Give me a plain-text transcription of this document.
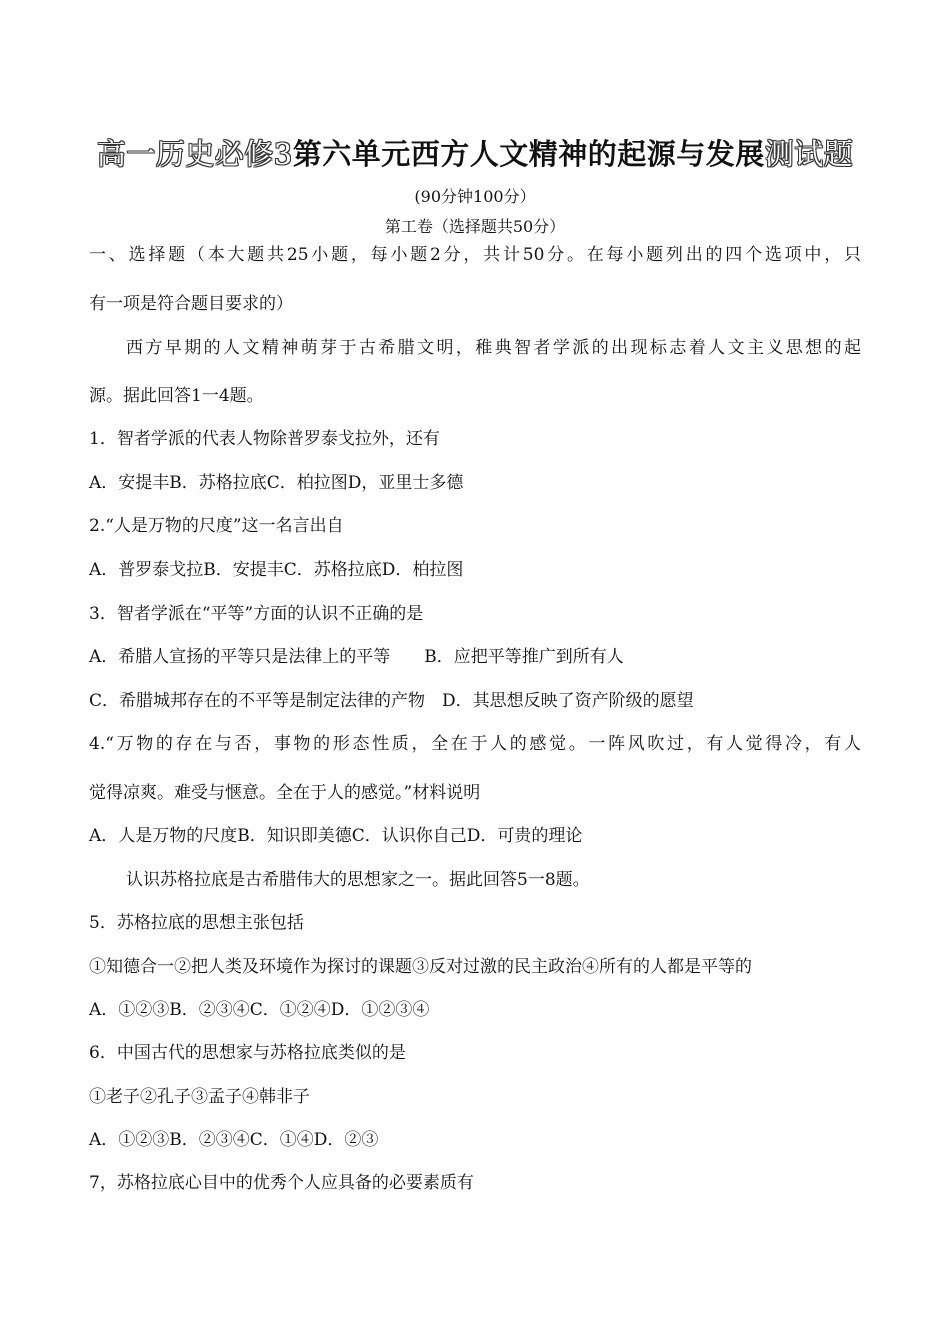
高一历史必修3第六单元西方人文精神的起源与发展测试题
(90分钟100分）
第工卷（选择题共50分）
一、选择题（本大题共25小题，每小题2分，共计50分。在每小题列出的四个选项中，只
有一项是符合题目要求的）
西方早期的人文精神萌芽于古希腊文明，稚典智者学派的出现标志着人文主义思想的起
源。据此回答1一4题。
1．智者学派的代表人物除普罗泰戈拉外，还有
A．安提丰B．苏格拉底C．柏拉图D，亚里士多德
2.“人是万物的尺度”这一名言出自
A．普罗泰戈拉B．安提丰C．苏格拉底D．柏拉图
3．智者学派在“平等”方面的认识不正确的是
A．希腊人宣扬的平等只是法律上的平等　　B．应把平等推广到所有人
C．希腊城邦存在的不平等是制定法律的产物　D．其思想反映了资产阶级的愿望
4.“万物的存在与否，事物的形态性质，全在于人的感觉。一阵风吹过，有人觉得冷，有人
觉得凉爽。难受与惬意。全在于人的感觉。”材料说明
A．人是万物的尺度B．知识即美德C．认识你自己D．可贵的理论
认识苏格拉底是古希腊伟大的思想家之一。据此回答5一8题。
5．苏格拉底的思想主张包括
①知德合一②把人类及环境作为探讨的课题③反对过激的民主政治④所有的人都是平等的
A．①②③B．②③④C．①②④D．①②③④
6．中国古代的思想家与苏格拉底类似的是
①老子②孔子③孟子④韩非子
A．①②③B．②③④C．①④D．②③
7，苏格拉底心目中的优秀个人应具备的必要素质有
